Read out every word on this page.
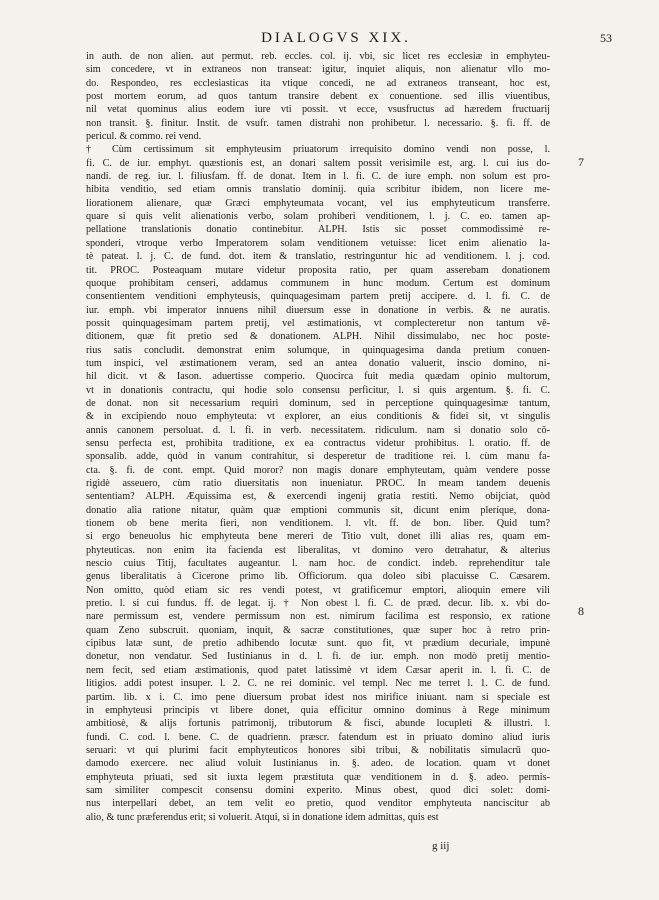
DIALOGVS XIX.	53
7
8
in auth. de non alien. aut permut. reb. eccles. col. ij. vbi, sic licet res ecclesiæ in emphyteu-
sim concedere, vt in extraneos non transeat: igitur, inquiet aliquis, non alienatur vllo mo-
do. Respondeo, res ecclesiasticas ita vtique concedi, ne ad extraneos transeant, hoc est,
post mortem eorum, ad quos tantum transire debent ex conuentione. sed illis viuentibus,
nil vetat quominus alius eodem iure vti possit. vt ecce, vsusfructus ad hæredem fructuarij
non transit. §. finitur. Instit. de vsufr. tamen distrahi non prohibetur. l. necessario. §. fi. ff. de
pericul. & commo. rei vend.
† Cùm certissimum sit emphyteusim priuatorum irrequisito domino vendi non posse, l.
fi. C. de iur. emphyt. quæstionis est, an donari saltem possit verisimile est, arg. l. cui ius do-
nandi. de reg. iur. l. filiusfam. ff. de donat. Item in l. fi. C. de iure emph. non solum est pro-
hibita venditio, sed etiam omnis translatio dominij. quia scribitur ibidem, non licere me-
liorationem alienare, quæ Græci emphyteumata vocant, vel ius emphyteuticum transferre.
quare si quis velit alienationis verbo, solam prohiberi venditionem, l. j. C. eo. tamen ap-
pellatione translationis donatio continebitur. ALPH. Istis sic posset commodissimè re-
sponderi, vtroque verbo Imperatorem solam venditionem vetuisse: licet enim alienatio la-
tè pateat. l. j. C. de fund. dot. item & translatio, restringuntur hic ad venditionem. l. j. cod.
tit. PROC. Posteaquam mutare videtur proposita ratio, per quam asserebam donationem
quoque prohibitam censeri, addamus communem in hunc modum. Certum est dominum
consentientem venditioni emphyteusis, quinquagesimam partem pretij accipere. d. l. fi. C. de
iur. emph. vbi imperator innuens nihil diuersum esse in donatione in verbis. & ne auratis.
possit quinquagesimam partem pretij, vel æstimationis, vt complecteretur non tantum vē-
ditionem, quæ fit pretio sed & donationem. ALPH. Nihil dissimulabo, nec hoc poste-
rius satis concludit. demonstrat enim solumque, in quinquagesima danda pretium conuen-
tum inspici, vel æstimationem veram, sed an antea donatio valuerit, inscio domino, ni-
hil dicit. vt & Iason. aduertisse comperio. Quocirca fuit media quædam opinio multorum,
vt in donationis contractu, qui hodie solo consensu perficitur, l. si quis argentum. §. fi. C.
de donat. non sit necessarium requiri dominum, sed in perceptione quinquagesimæ tantum,
& in excipiendo nouo emphyteuta: vt explorer, an eius conditionis & fidei sit, vt singulis
annis canonem persoluat. d. l. fi. in verb. necessitatem. ridiculum. nam si donatio solo cō-
sensu perfecta est, prohibita traditione, ex ea contractus videtur prohibitus. l. oratio. ff. de
sponsalib. adde, quòd in vanum contrahitur, si desperetur de traditione rei. l. cùm manu fa-
cta. §. fi. de cont. empt. Quid moror? non magis donare emphyteutam, quàm vendere posse
rigidè asseuero, cùm ratio diuersitatis non inueniatur. PROC. In meam tandem deuenis
sententiam? ALPH. Æquissima est, & exercendi ingenij gratia restiti. Nemo obijciat, quòd
donatio alia ratione nitatur, quàm quæ emptioni communis sit, dicunt enim pleríque, dona-
tionem ob bene merita fieri, non venditionem. l. vlt. ff. de bon. liber. Quid tum?
si ergo beneuolus hic emphyteuta bene mereri de Titio vult, donet illi alias res, quam em-
phyteuticas. non enim ita facienda est liberalitas, vt domino vero detrahatur, & alterius
nescio cuius Titij, facultates augeantur. l. nam hoc. de condict. indeb. reprehenditur tale
genus liberalitatis à Cicerone primo lib. Officiorum. qua doleo sibi placuisse C. Cæsarem.
Non omitto, quòd etiam sic res vendi potest, vt gratificemur emptori, alioquin emere vili
pretio. l. si cui fundus. ff. de legat. ij. † Non obest l. fi. C. de præd. decur. lib. x. vbi do-
nare permissum est, vendere permissum non est. nimirum facilima est responsio, ex ratione
quam Zeno subscruit. quoniam, inquit, & sacræ constitutiones, quæ super hoc à retro prin-
cipibus latæ sunt, de pretio adhibendo locutæ sunt. quo fit, vt prædium decuriale, impunè
donetur, non vendatur. Sed Iustinianus in d. l. fi. de iur. emph. non modò pretij mentio-
nem fecit, sed etiam æstimationis, quod patet latissimè vt idem Cæsar aperit in. l. fi. C. de
litigios. addi potest insuper. l. 2. C. ne rei dominic. vel templ. Nec me terret l. 1. C. de fund.
partim. lib. x i. C. imo pene diuersum probat idest nos mirifice iniuant. nam si speciale est
in emphyteusi principis vt libere donet, quia efficitur omnino dominus à Rege minimum
ambitiosè, & alijs fortunis patrimonij, tributorum & fisci, abunde locupleti & illustri. l.
fundi. C. cod. l. bene. C. de quadrienn. præscr. fatendum est in priuato domino aliud iuris
seruari: vt qui plurimi facit emphyteuticos honores sibi tribui, & nobilitatis simulacrū quo-
damodo exercere. nec aliud voluit Iustinianus in. §. adeo. de location. quam vt donet
emphyteuta priuati, sed sit iuxta legem præstituta quæ venditionem in d. §. adeo. permis-
sam similiter compescit consensu domini experito. Minus obest, quod dici solet: domi-
nus interpellari debet, an tem velit eo pretio, quod venditor emphyteuta nanciscitur ab
alio, & tunc præferendus erit; si voluerit. Atqui, si in donatione idem admittas, quis est
g iij
